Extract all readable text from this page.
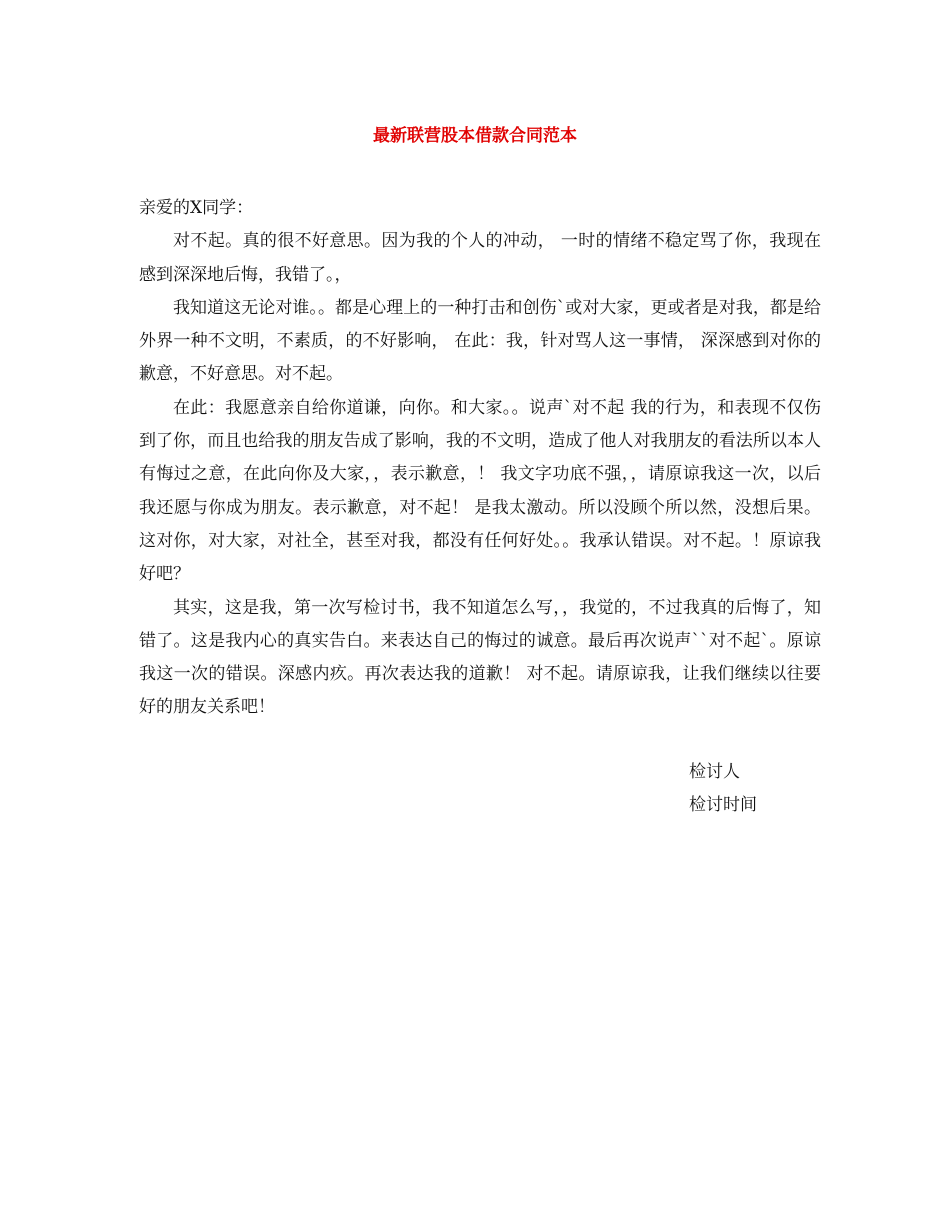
最新联营股本借款合同范本

亲爱的X同学：

对不起。真的很不好意思。因为我的个人的冲动， 一时的情绪不稳定骂了你，我现在感到深深地后悔，我错了。，

我知道这无论对谁。。都是心理上的一种打击和创伤`或对大家，更或者是对我，都是给外界一种不文明，不素质，的不好影响， 在此：我，针对骂人这一事情， 深深感到对你的歉意，不好意思。对不起。

在此：我愿意亲自给你道谦，向你。和大家。。说声`对不起 我的行为，和表现不仅伤到了你，而且也给我的朋友告成了影响，我的不文明，造成了他人对我朋友的看法所以本人有悔过之意，在此向你及大家，，表示歉意，！ 我文字功底不强，，请原谅我这一次，以后我还愿与你成为朋友。表示歉意，对不起！ 是我太激动。所以没顾个所以然，没想后果。这对你，对大家，对社全，甚至对我，都没有任何好处。。我承认错误。对不起。！原谅我好吧？

其实，这是我，第一次写检讨书，我不知道怎么写，，我觉的，不过我真的后悔了，知错了。这是我内心的真实告白。来表达自己的悔过的诚意。最后再次说声``对不起`。原谅我这一次的错误。深感内疚。再次表达我的道歉！ 对不起。请原谅我，让我们继续以往要好的朋友关系吧！

检讨人
检讨时间
